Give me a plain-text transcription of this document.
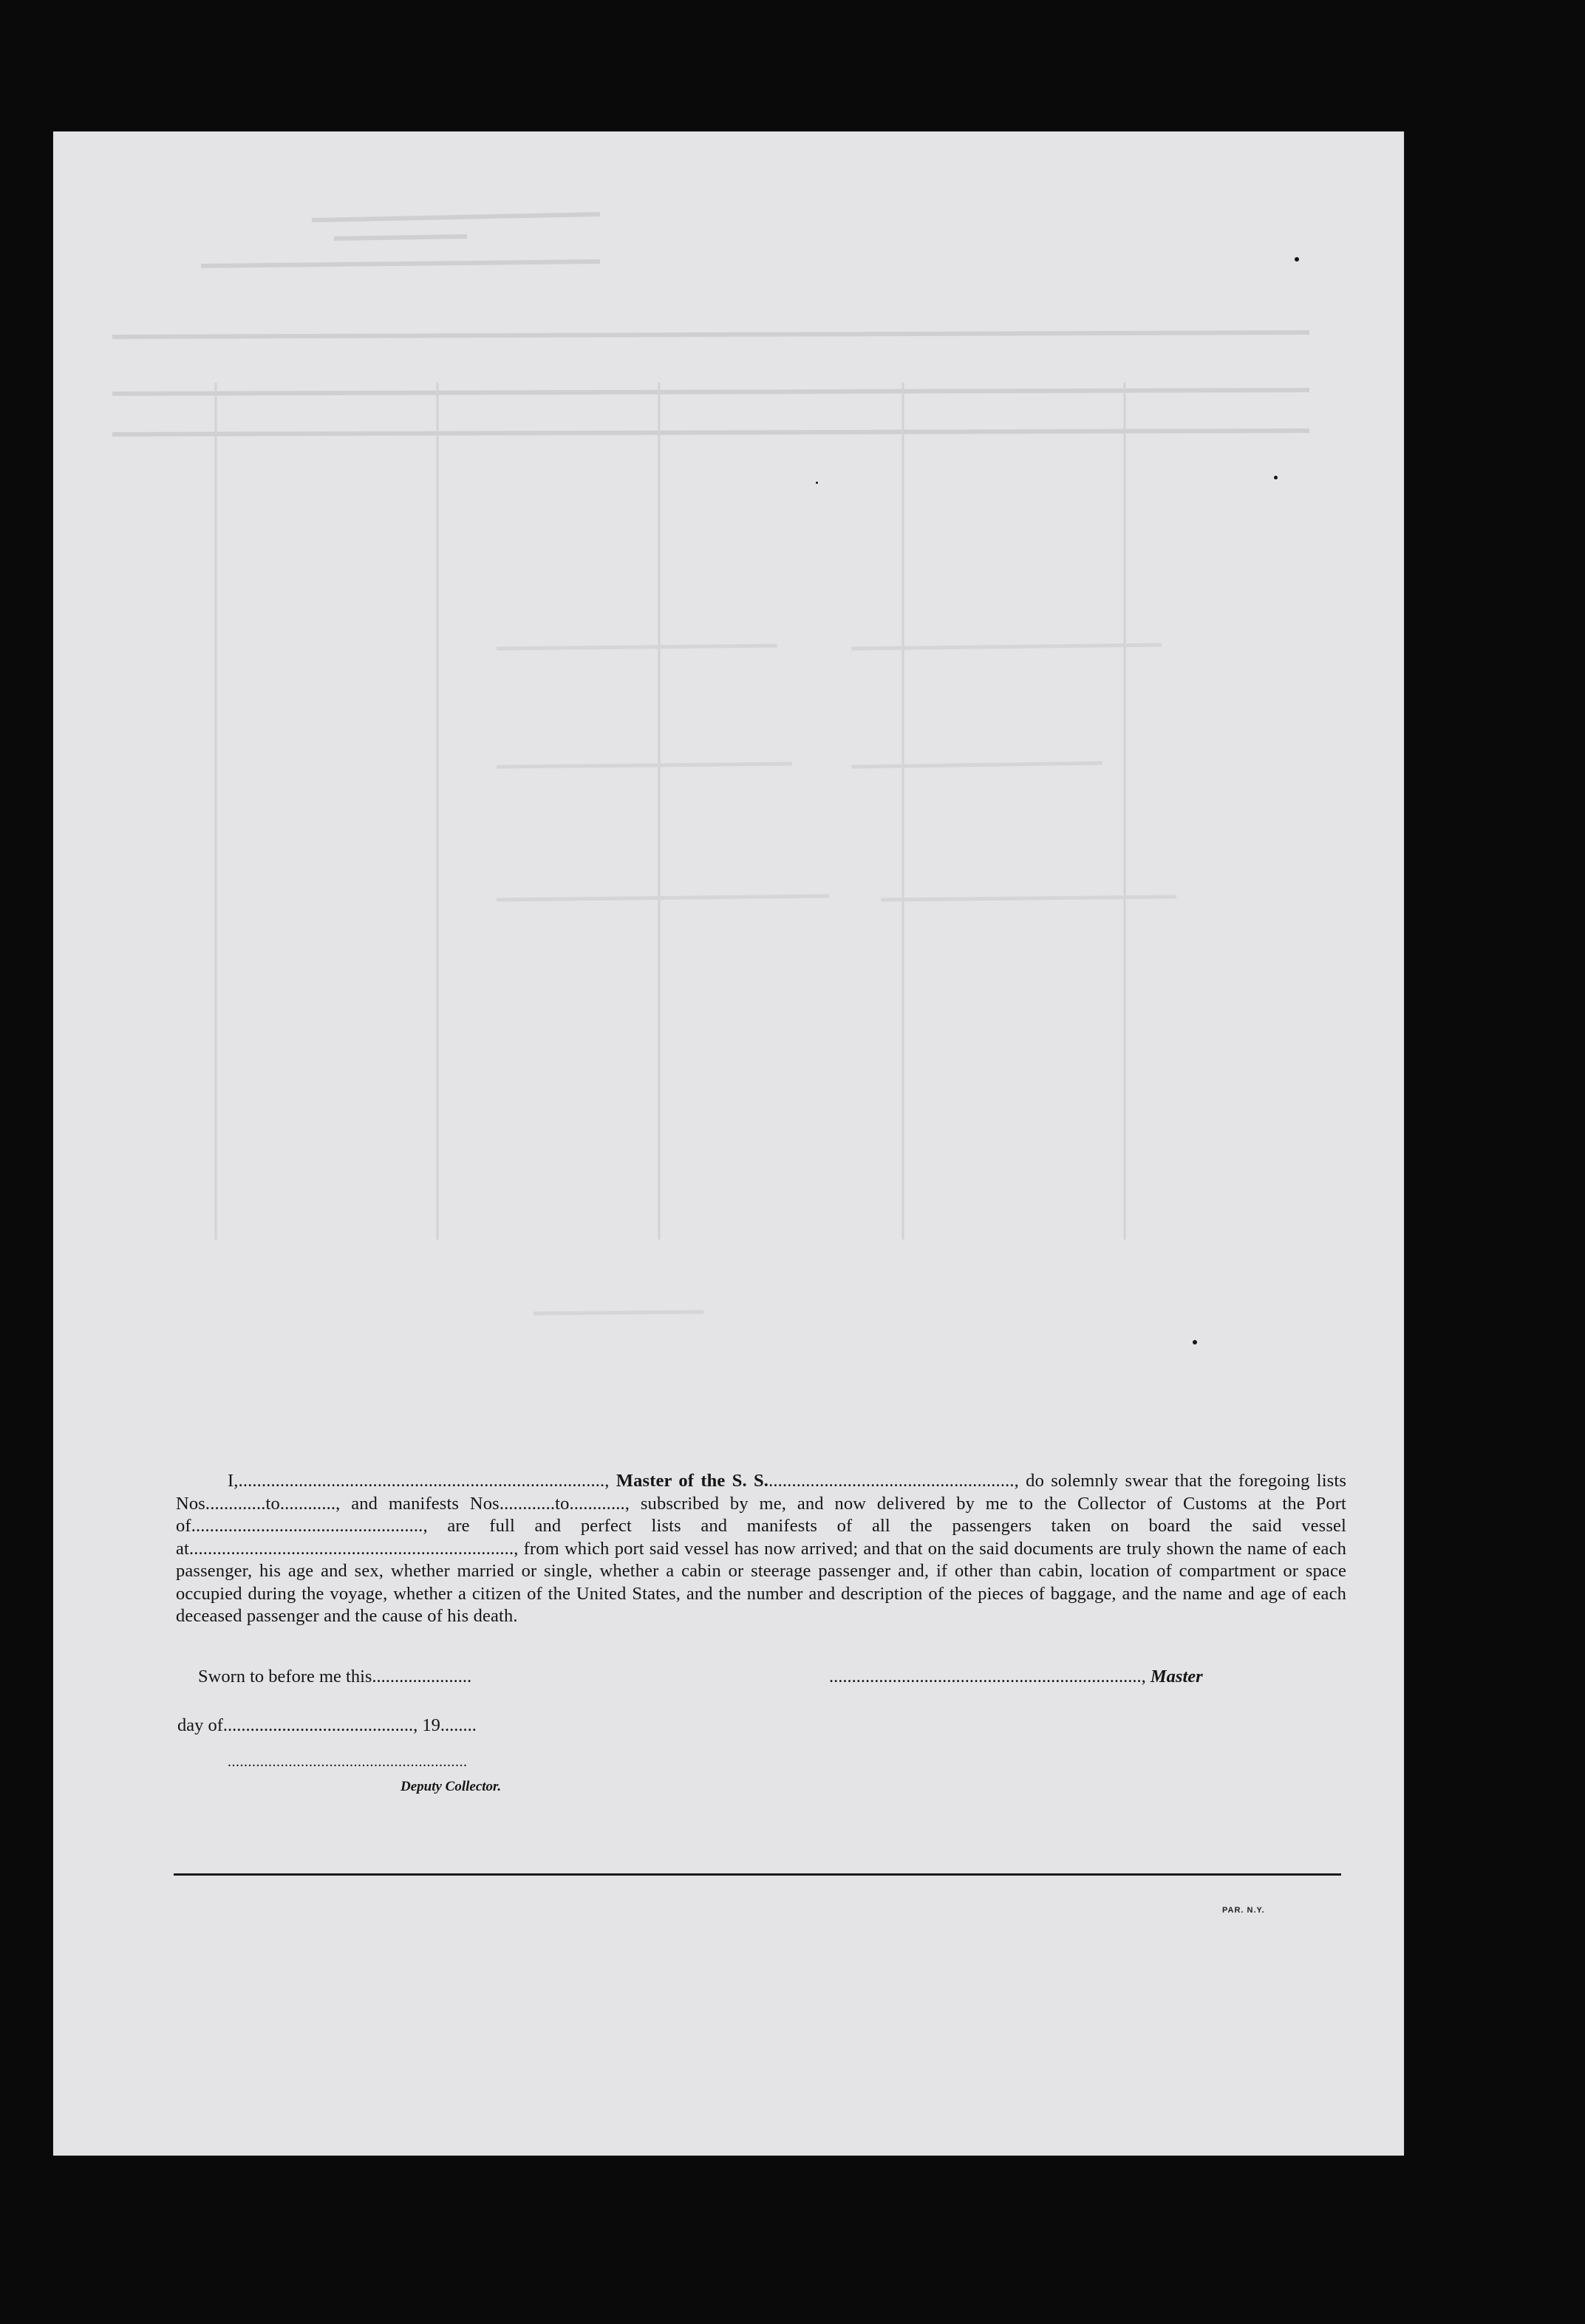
I,..............................................................................., Master of the S. S......................................................, do solemnly swear that the foregoing lists Nos.............to............, and manifests Nos............to............, subscribed by me, and now delivered by me to the Collector of Customs at the Port of.................................................., are full and perfect lists and manifests of all the passengers taken on board the said vessel at......................................................................, from which port said vessel has now arrived; and that on the said documents are truly shown the name of each passenger, his age and sex, whether married or single, whether a cabin or steerage passenger and, if other than cabin, location of compartment or space occupied during the voyage, whether a citizen of the United States, and the number and description of the pieces of baggage, and the name and age of each deceased passenger and the cause of his death.

Sworn to before me this......................	....................................................................., Master
day of.........................................., 19........
...........................................................
Deputy Collector.
PAR. N.Y.
